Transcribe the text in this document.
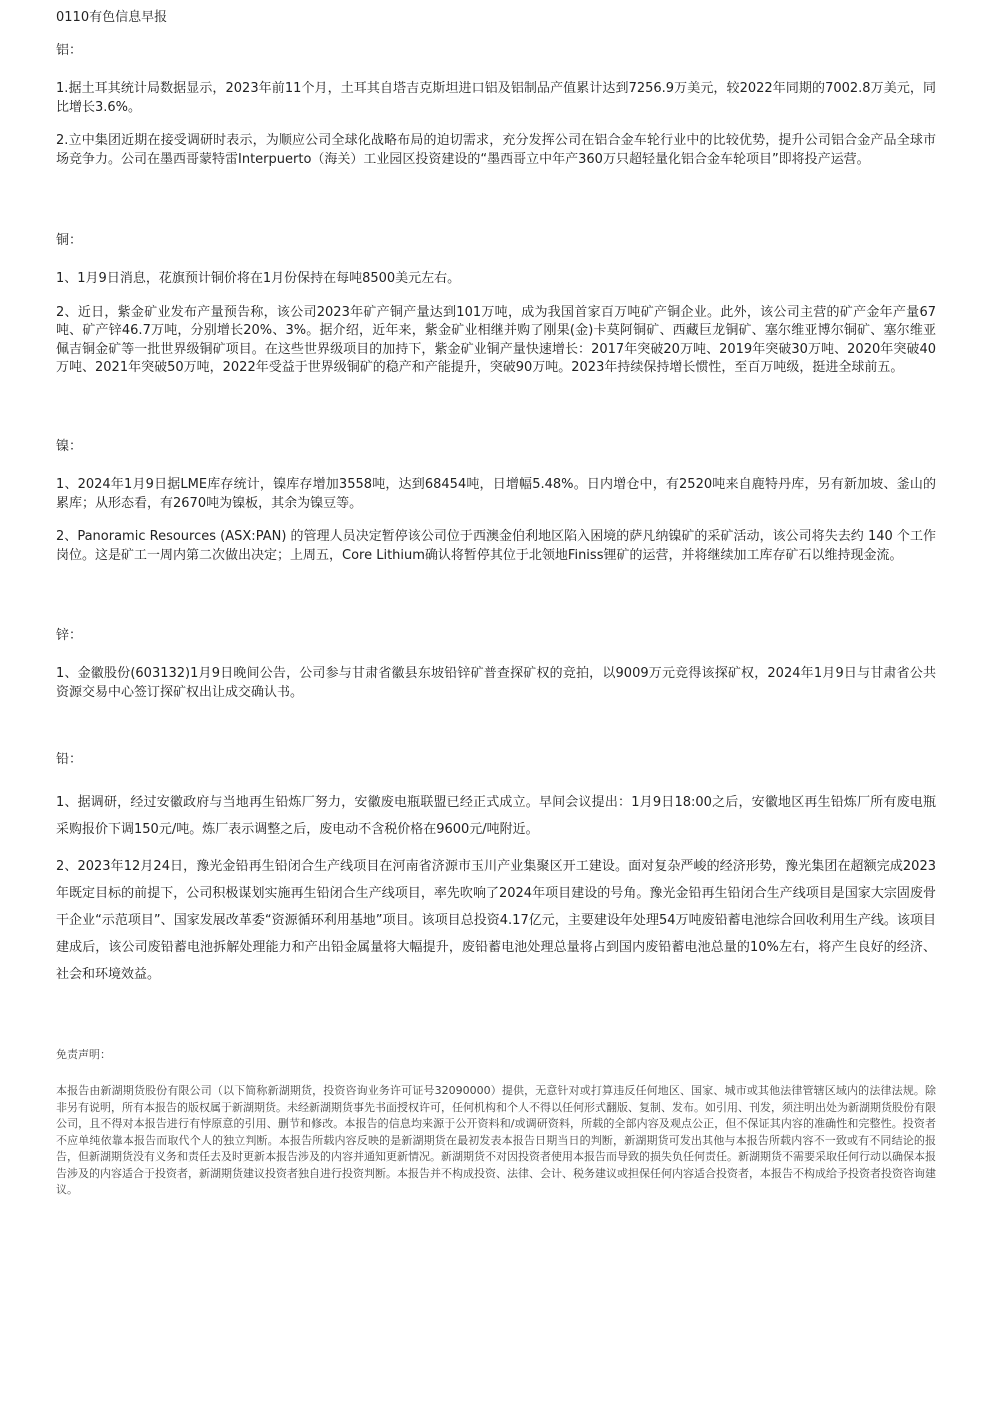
0110有色信息早报

铝：

1.据土耳其统计局数据显示，2023年前11个月，土耳其自塔吉克斯坦进口铝及铝制品产值累计达到7256.9万美元，较2022年同期的7002.8万美元，同比增长3.6%。

2.立中集团近期在接受调研时表示，为顺应公司全球化战略布局的迫切需求，充分发挥公司在铝合金车轮行业中的比较优势，提升公司铝合金产品全球市场竞争力。公司在墨西哥蒙特雷Interpuerto（海关）工业园区投资建设的“墨西哥立中年产360万只超轻量化铝合金车轮项目”即将投产运营。

铜：

1、1月9日消息，花旗预计铜价将在1月份保持在每吨8500美元左右。

2、近日，紫金矿业发布产量预告称，该公司2023年矿产铜产量达到101万吨，成为我国首家百万吨矿产铜企业。此外，该公司主营的矿产金年产量67吨、矿产锌46.7万吨，分别增长20%、3%。据介绍，近年来，紫金矿业相继并购了刚果(金)卡莫阿铜矿、西藏巨龙铜矿、塞尔维亚博尔铜矿、塞尔维亚佩吉铜金矿等一批世界级铜矿项目。在这些世界级项目的加持下，紫金矿业铜产量快速增长：2017年突破20万吨、2019年突破30万吨、2020年突破40万吨、2021年突破50万吨，2022年受益于世界级铜矿的稳产和产能提升，突破90万吨。2023年持续保持增长惯性，至百万吨级，挺进全球前五。

镍：

1、2024年1月9日据LME库存统计，镍库存增加3558吨，达到68454吨，日增幅5.48%。日内增仓中，有2520吨来自鹿特丹库，另有新加坡、釜山的累库；从形态看，有2670吨为镍板，其余为镍豆等。

2、Panoramic Resources (ASX:PAN) 的管理人员决定暂停该公司位于西澳金伯利地区陷入困境的萨凡纳镍矿的采矿活动，该公司将失去约 140 个工作岗位。这是矿工一周内第二次做出决定；上周五，Core Lithium确认将暂停其位于北领地Finiss锂矿的运营，并将继续加工库存矿石以维持现金流。

锌：

1、金徽股份(603132)1月9日晚间公告，公司参与甘肃省徽县东坡铅锌矿普查探矿权的竞拍，以9009万元竞得该探矿权，2024年1月9日与甘肃省公共资源交易中心签订探矿权出让成交确认书。

铅：

1、据调研，经过安徽政府与当地再生铅炼厂努力，安徽废电瓶联盟已经正式成立。早间会议提出：1月9日18:00之后，安徽地区再生铅炼厂所有废电瓶采购报价下调150元/吨。炼厂表示调整之后，废电动不含税价格在9600元/吨附近。

2、2023年12月24日，豫光金铅再生铅闭合生产线项目在河南省济源市玉川产业集聚区开工建设。面对复杂严峻的经济形势，豫光集团在超额完成2023年既定目标的前提下，公司积极谋划实施再生铅闭合生产线项目，率先吹响了2024年项目建设的号角。豫光金铅再生铅闭合生产线项目是国家大宗固废骨干企业“示范项目”、国家发展改革委“资源循环利用基地”项目。该项目总投资4.17亿元，主要建设年处理54万吨废铅蓄电池综合回收利用生产线。该项目建成后，该公司废铅蓄电池拆解处理能力和产出铅金属量将大幅提升，废铅蓄电池处理总量将占到国内废铅蓄电池总量的10%左右，将产生良好的经济、社会和环境效益。

免责声明：

本报告由新湖期货股份有限公司（以下简称新湖期货，投资咨询业务许可证号32090000）提供，无意针对或打算违反任何地区、国家、城市或其他法律管辖区域内的法律法规。除非另有说明，所有本报告的版权属于新湖期货。未经新湖期货事先书面授权许可，任何机构和个人不得以任何形式翻版、复制、发布。如引用、刊发，须注明出处为新湖期货股份有限公司，且不得对本报告进行有悖原意的引用、删节和修改。本报告的信息均来源于公开资料和/或调研资料，所载的全部内容及观点公正，但不保证其内容的准确性和完整性。投资者不应单纯依靠本报告而取代个人的独立判断。本报告所载内容反映的是新湖期货在最初发表本报告日期当日的判断，新湖期货可发出其他与本报告所载内容不一致或有不同结论的报告，但新湖期货没有义务和责任去及时更新本报告涉及的内容并通知更新情况。新湖期货不对因投资者使用本报告而导致的损失负任何责任。新湖期货不需要采取任何行动以确保本报告涉及的内容适合于投资者，新湖期货建议投资者独自进行投资判断。本报告并不构成投资、法律、会计、税务建议或担保任何内容适合投资者，本报告不构成给予投资者投资咨询建议。
